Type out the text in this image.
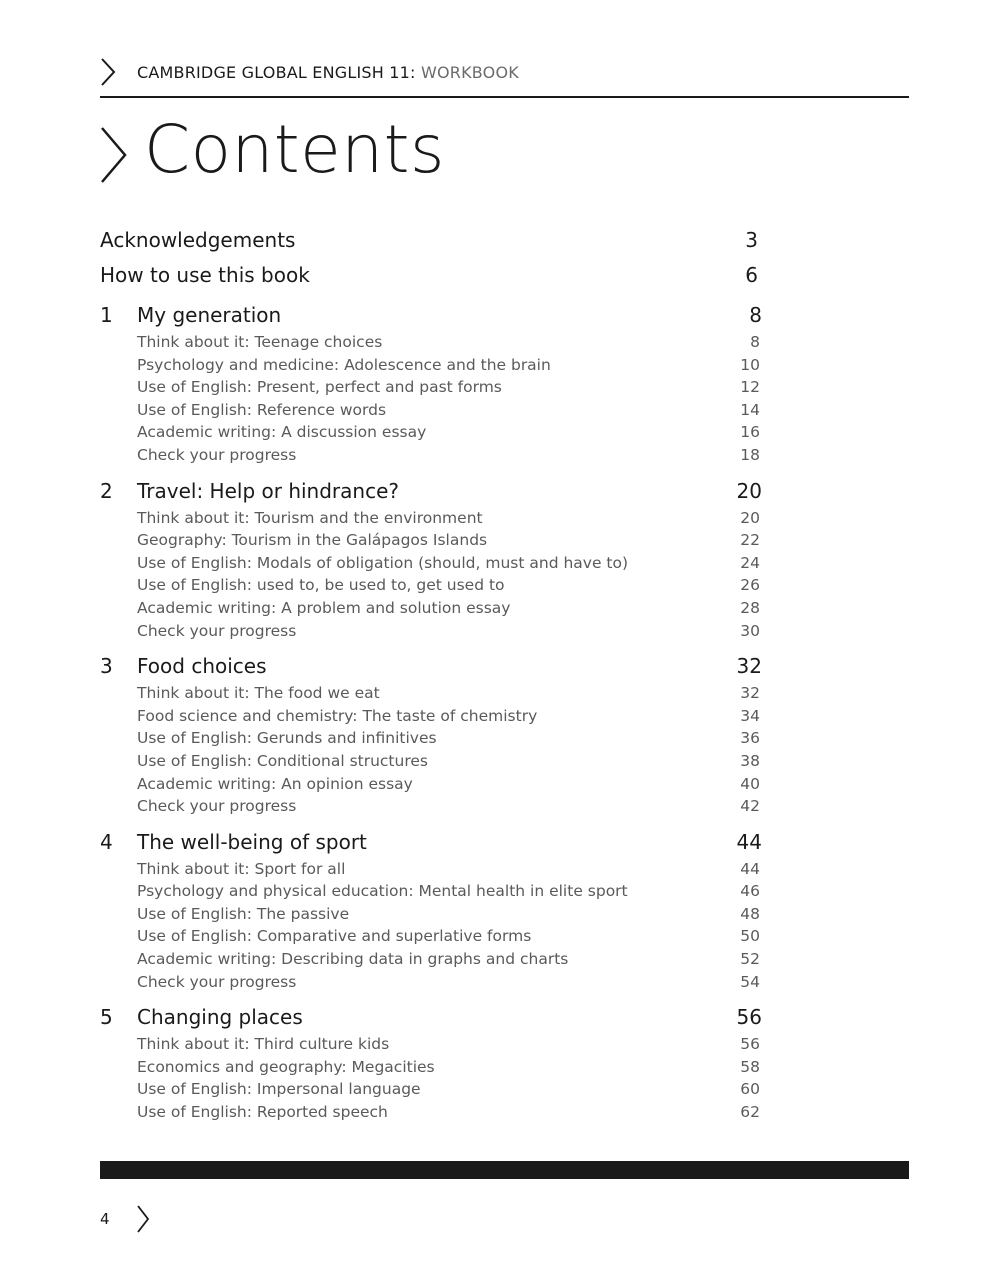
CAMBRIDGE GLOBAL ENGLISH 11: WORKBOOK
Contents
Acknowledgements	3
How to use this book	6
1 My generation	8
Think about it: Teenage choices	8
Psychology and medicine: Adolescence and the brain	10
Use of English: Present, perfect and past forms	12
Use of English: Reference words	14
Academic writing: A discussion essay	16
Check your progress	18
2 Travel: Help or hindrance?	20
Think about it: Tourism and the environment	20
Geography: Tourism in the Galápagos Islands	22
Use of English: Modals of obligation (should, must and have to)	24
Use of English: used to, be used to, get used to	26
Academic writing: A problem and solution essay	28
Check your progress	30
3 Food choices	32
Think about it: The food we eat	32
Food science and chemistry: The taste of chemistry	34
Use of English: Gerunds and infinitives	36
Use of English: Conditional structures	38
Academic writing: An opinion essay	40
Check your progress	42
4 The well-being of sport	44
Think about it: Sport for all	44
Psychology and physical education: Mental health in elite sport	46
Use of English: The passive	48
Use of English: Comparative and superlative forms	50
Academic writing: Describing data in graphs and charts	52
Check your progress	54
5 Changing places	56
Think about it: Third culture kids	56
Economics and geography: Megacities	58
Use of English: Impersonal language	60
Use of English: Reported speech	62
4
